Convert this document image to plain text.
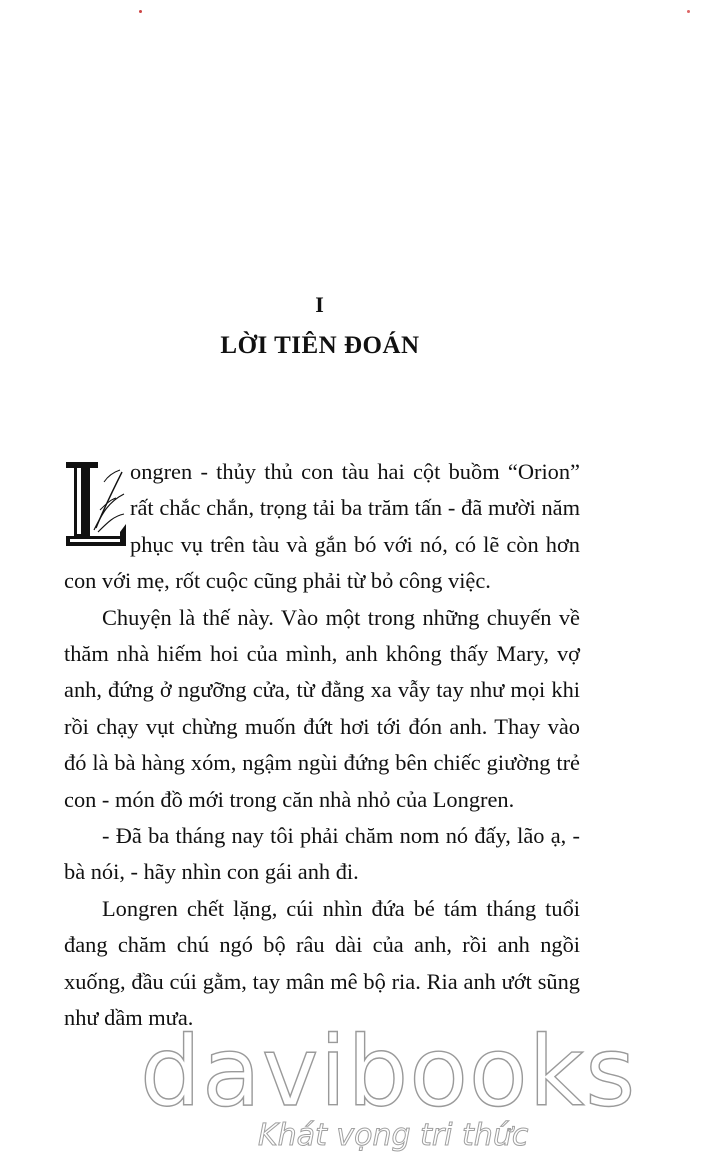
I
LỜI TIÊN ĐOÁN

L
ongren - thủy thủ con tàu hai cột buồm “Orion” rất chắc chắn, trọng tải ba trăm tấn - đã mười năm phục vụ trên tàu và gắn bó với nó, có lẽ còn hơn con với mẹ, rốt cuộc cũng phải từ bỏ công việc.

Chuyện là thế này. Vào một trong những chuyến về thăm nhà hiếm hoi của mình, anh không thấy Mary, vợ anh, đứng ở ngưỡng cửa, từ đằng xa vẫy tay như mọi khi rồi chạy vụt chừng muốn đứt hơi tới đón anh. Thay vào đó là bà hàng xóm, ngậm ngùi đứng bên chiếc giường trẻ con - món đồ mới trong căn nhà nhỏ của Longren.

- Đã ba tháng nay tôi phải chăm nom nó đấy, lão ạ, - bà nói, - hãy nhìn con gái anh đi.

Longren chết lặng, cúi nhìn đứa bé tám tháng tuổi đang chăm chú ngó bộ râu dài của anh, rồi anh ngồi xuống, đầu cúi gằm, tay mân mê bộ ria. Ria anh ướt sũng như dầm mưa.

davibooks
Khát vọng tri thức
